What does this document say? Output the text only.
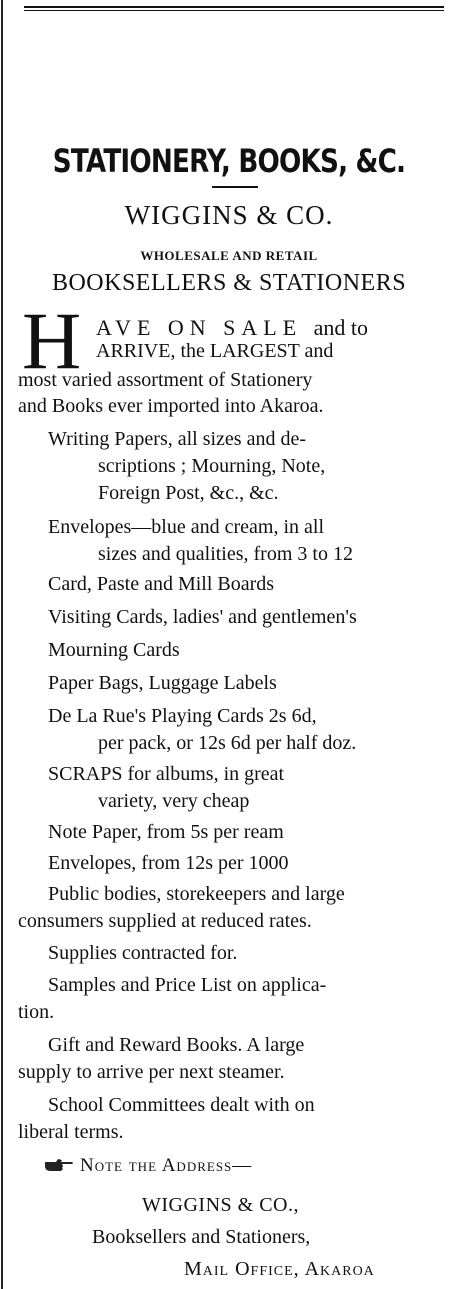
STATIONERY, BOOKS, &C.
WIGGINS & CO.
WHOLESALE AND RETAIL
BOOKSELLERS & STATIONERS
H AVE ON SALE and to
ARRIVE, the LARGEST and
most varied assortment of Stationery
and Books ever imported into Akaroa.
Writing Papers, all sizes and de-
scriptions ; Mourning, Note,
Foreign Post, &c., &c.
Envelopes—blue and cream, in all
sizes and qualities, from 3 to 12
Card, Paste and Mill Boards
Visiting Cards, ladies' and gentlemen's
Mourning Cards
Paper Bags, Luggage Labels
De La Rue's Playing Cards 2s 6d,
per pack, or 12s 6d per half doz.
SCRAPS for albums, in great
variety, very cheap
Note Paper, from 5s per ream
Envelopes, from 12s per 1000
Public bodies, storekeepers and large
consumers supplied at reduced rates.
Supplies contracted for.
Samples and Price List on applica-
tion.
Gift and Reward Books. A large
supply to arrive per next steamer.
School Committees dealt with on
liberal terms.
Note the Address—
WIGGINS & CO.,
Booksellers and Stationers,
Mail Office, Akaroa
